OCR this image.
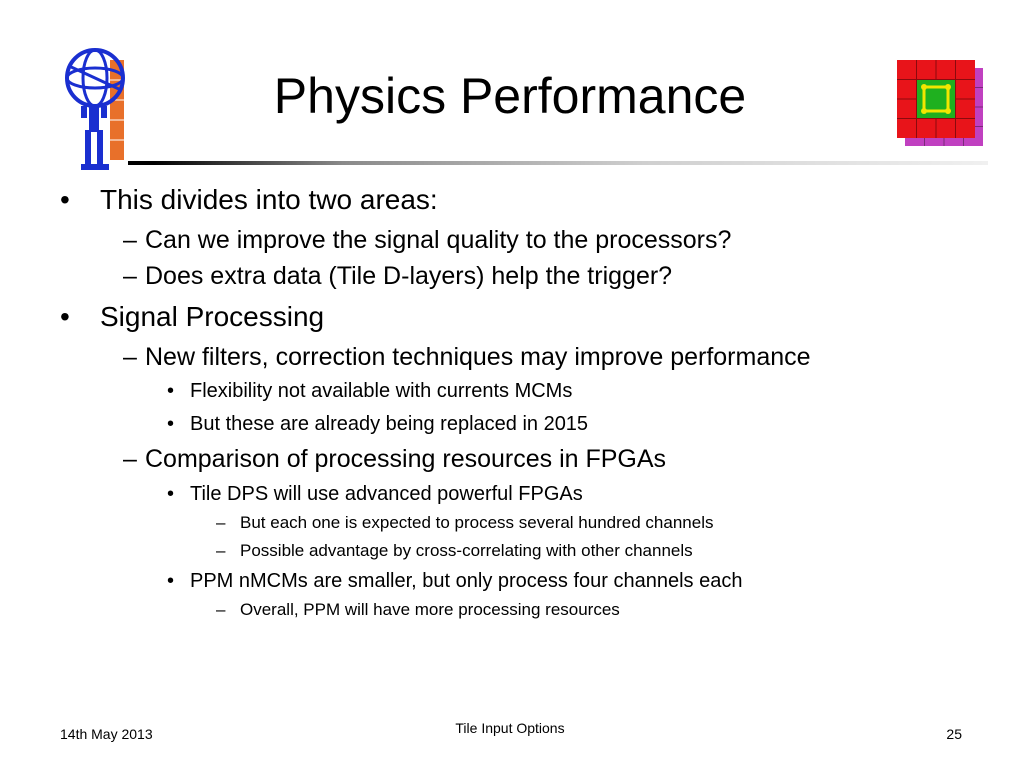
Physics Performance
• This divides into two areas:
– Can we improve the signal quality to the processors?
– Does extra data (Tile D-layers) help the trigger?
• Signal Processing
– New filters, correction techniques may improve performance
• Flexibility not available with currents MCMs
• But these are already being replaced in 2015
– Comparison of processing resources in FPGAs
• Tile DPS will use advanced powerful FPGAs
– But each one is expected to process several hundred channels
– Possible advantage by cross-correlating with other channels
• PPM nMCMs are smaller, but only process four channels each
– Overall, PPM will have more processing resources
14th May 2013	Tile Input Options	25
